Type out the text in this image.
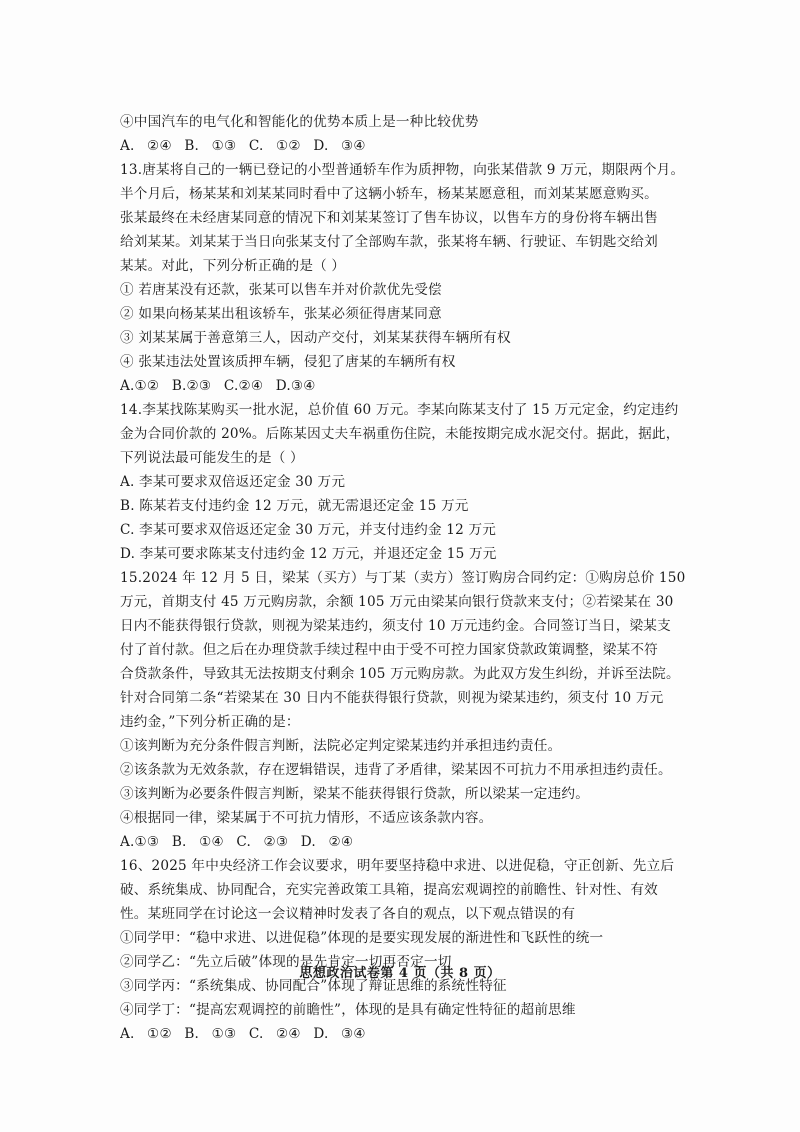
④中国汽车的电气化和智能化的优势本质上是一种比较优势
A. ②④ B. ①③ C. ①② D. ③④
13.唐某将自己的一辆已登记的小型普通轿车作为质押物，向张某借款 9 万元，期限两个月。
半个月后，杨某某和刘某某同时看中了这辆小轿车，杨某某愿意租，而刘某某愿意购买。
张某最终在未经唐某同意的情况下和刘某某签订了售车协议，以售车方的身份将车辆出售
给刘某某。刘某某于当日向张某支付了全部购车款，张某将车辆、行驶证、车钥匙交给刘
某某。对此，下列分析正确的是（ ）
① 若唐某没有还款，张某可以售车并对价款优先受偿
② 如果向杨某某出租该轿车，张某必须征得唐某同意
③ 刘某某属于善意第三人，因动产交付，刘某某获得车辆所有权
④ 张某违法处置该质押车辆，侵犯了唐某的车辆所有权
A.①② B.②③ C.②④ D.③④
14.李某找陈某购买一批水泥，总价值 60 万元。李某向陈某支付了 15 万元定金，约定违约
金为合同价款的 20%。后陈某因丈夫车祸重伤住院，未能按期完成水泥交付。据此，据此，
下列说法最可能发生的是（ ）
A. 李某可要求双倍返还定金 30 万元
B. 陈某若支付违约金 12 万元，就无需退还定金 15 万元
C. 李某可要求双倍返还定金 30 万元，并支付违约金 12 万元
D. 李某可要求陈某支付违约金 12 万元，并退还定金 15 万元
15.2024 年 12 月 5 日，梁某（买方）与丁某（卖方）签订购房合同约定：①购房总价 150
万元，首期支付 45 万元购房款，余额 105 万元由梁某向银行贷款来支付；②若梁某在 30
日内不能获得银行贷款，则视为梁某违约，须支付 10 万元违约金。合同签订当日，梁某支
付了首付款。但之后在办理贷款手续过程中由于受不可控力国家贷款政策调整，梁某不符
合贷款条件，导致其无法按期支付剩余 105 万元购房款。为此双方发生纠纷，并诉至法院。
针对合同第二条“若梁某在 30 日内不能获得银行贷款，则视为梁某违约，须支付 10 万元
违约金，”下列分析正确的是：
①该判断为充分条件假言判断，法院必定判定梁某违约并承担违约责任。
②该条款为无效条款，存在逻辑错误，违背了矛盾律，梁某因不可抗力不用承担违约责任。
③该判断为必要条件假言判断，梁某不能获得银行贷款，所以梁某一定违约。
④根据同一律，梁某属于不可抗力情形，不适应该条款内容。
A.①③ B. ①④ C. ②③ D. ②④
16、2025 年中央经济工作会议要求，明年要坚持稳中求进、以进促稳，守正创新、先立后
破、系统集成、协同配合，充实完善政策工具箱，提高宏观调控的前瞻性、针对性、有效
性。某班同学在讨论这一会议精神时发表了各自的观点，以下观点错误的有
①同学甲：“稳中求进、以进促稳”体现的是要实现发展的渐进性和飞跃性的统一
②同学乙：“先立后破”体现的是先肯定一切再否定一切
③同学丙：“系统集成、协同配合”体现了辩证思维的系统性特征
④同学丁：“提高宏观调控的前瞻性”，体现的是具有确定性特征的超前思维
A. ①② B. ①③ C. ②④ D. ③④
思想政治试卷第 4 页（共 8 页）
